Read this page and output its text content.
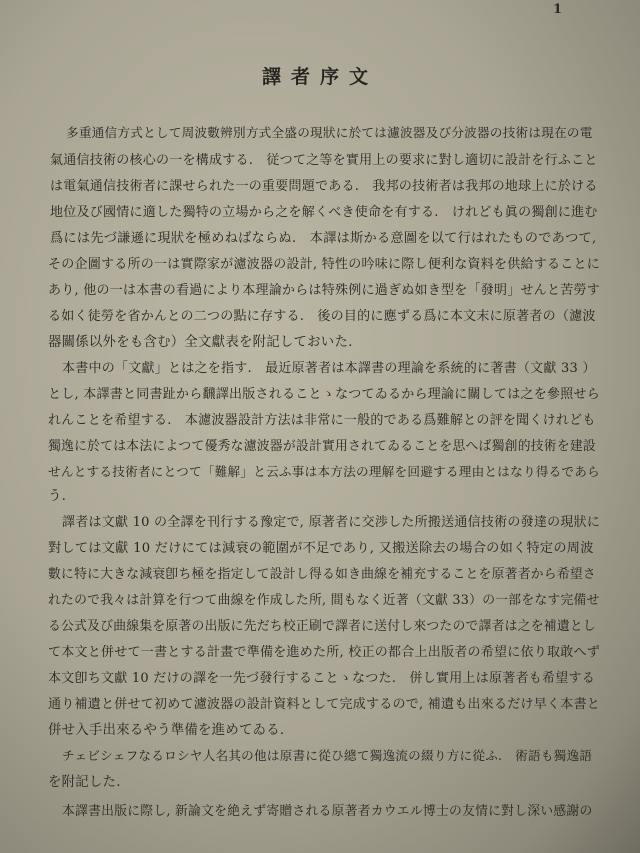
1
譯者序文
多重通信方式として周波數辨別方式全盛の現狀に於ては濾波器及び分波器の技術は現在の電
氣通信技術の核心の一を構成する.　従つて之等を實用上の要求に對し適切に設計を行ふこと
は電氣通信技術者に課せられた一の重要問題である.　我邦の技術者は我邦の地球上に於ける
地位及び國情に適した獨特の立場から之を解くべき使命を有する.　けれども眞の獨創に進む
爲には先づ謙遜に現狀を極めねばならぬ.　本譯は斯かる意圖を以て行はれたものであつて,
その企圖する所の一は實際家が濾波器の設計, 特性の吟味に際し便利な資料を供給することに
あり, 他の一は本書の看過により本理論からは特殊例に過ぎぬ如き型を「發明」せんと苦勞す
る如く徒勞を省かんとの二つの點に存する.　後の目的に應ずる爲に本文末に原著者の（濾波
器關係以外をも含む）全文獻表を附記しておいた.
本書中の「文獻」とは之を指す.　最近原著者は本譯書の理論を系統的に著書（文獻 33 ）
とし, 本譯書と同書趾から飜譯出版されることゝなつてゐるから理論に關しては之を參照せら
れんことを希望する.　本濾波器設計方法は非常に一般的である爲難解との評を聞くけれども
獨逸に於ては本法によつて優秀な濾波器が設計實用されてゐることを思へば獨創的技術を建設
せんとする技術者にとつて「難解」と云ふ事は本方法の理解を回避する理由とはなり得るであら
う.
譯者は文獻 10 の全譯を刊行する豫定で, 原著者に交渉した所搬送通信技術の發達の現狀に
對しては文獻 10 だけにては減衰の範圍が不足であり, 又搬送除去の場合の如く特定の周波
數に特に大きな減衰卽ち極を指定して設計し得る如き曲線を補充することを原著者から希望さ
れたので我々は計算を行つて曲線を作成した所, 間もなく近著（文獻 33）の一部をなす完備せ
る公式及び曲線集を原著の出版に先だち校正刷で譯者に送付し來つたので譯者は之を補遺とし
て本文と併せて一書とする計畫で準備を進めた所, 校正の都合上出版者の希望に依り取敢へず
本文卽ち文獻 10 だけの譯を一先づ發行することゝなつた.　併し實用上は原著者も希望する
通り補遺と併せて初めて濾波器の設計資料として完成するので, 補遺も出來るだけ早く本書と
併せ入手出來るやう準備を進めてゐる.
チェビシェフなるロシヤ人名其の他は原書に從ひ總て獨逸流の綴り方に從ふ.　術語も獨逸語
を附記した.
本譯書出版に際し, 新論文を絶えず寄贈される原著者カウエル博士の友情に對し深い感謝の
